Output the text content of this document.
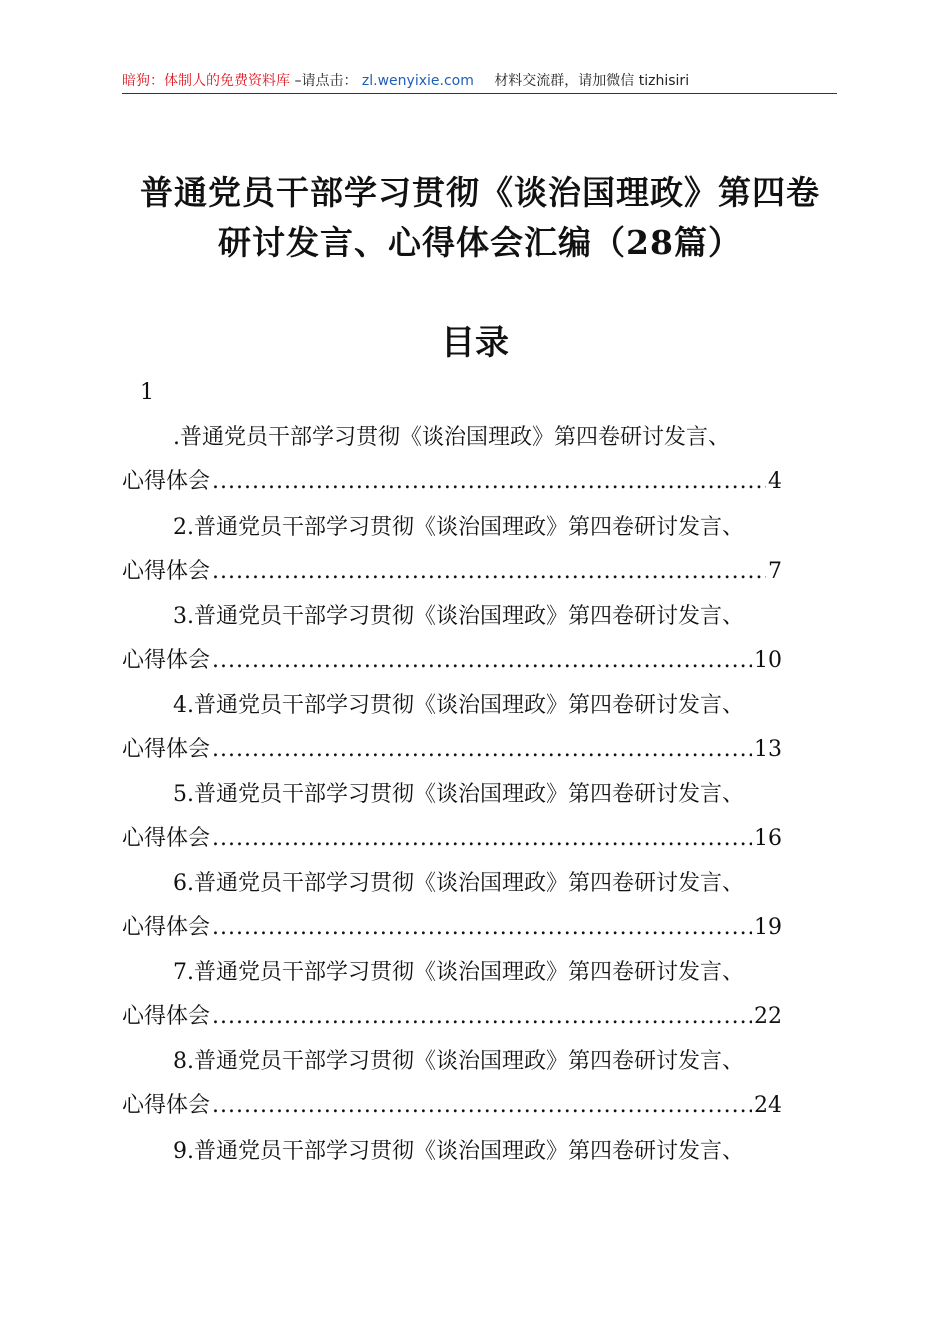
暗狗：体制人的免费资料库 –请点击： zl.wenyixie.com 材料交流群，请加微信 tizhisiri
普通党员干部学习贯彻《谈治国理政》第四卷
研讨发言、心得体会汇编（28篇）
目录
1
.普通党员干部学习贯彻《谈治国理政》第四卷研讨发言、
心得体会 .....	4
2.普通党员干部学习贯彻《谈治国理政》第四卷研讨发言、
心得体会 .....	7
3.普通党员干部学习贯彻《谈治国理政》第四卷研讨发言、
心得体会 .....	10
4.普通党员干部学习贯彻《谈治国理政》第四卷研讨发言、
心得体会 .....	13
5.普通党员干部学习贯彻《谈治国理政》第四卷研讨发言、
心得体会 .....	16
6.普通党员干部学习贯彻《谈治国理政》第四卷研讨发言、
心得体会 .....	19
7.普通党员干部学习贯彻《谈治国理政》第四卷研讨发言、
心得体会 .....	22
8.普通党员干部学习贯彻《谈治国理政》第四卷研讨发言、
心得体会 .....	24
9.普通党员干部学习贯彻《谈治国理政》第四卷研讨发言、
